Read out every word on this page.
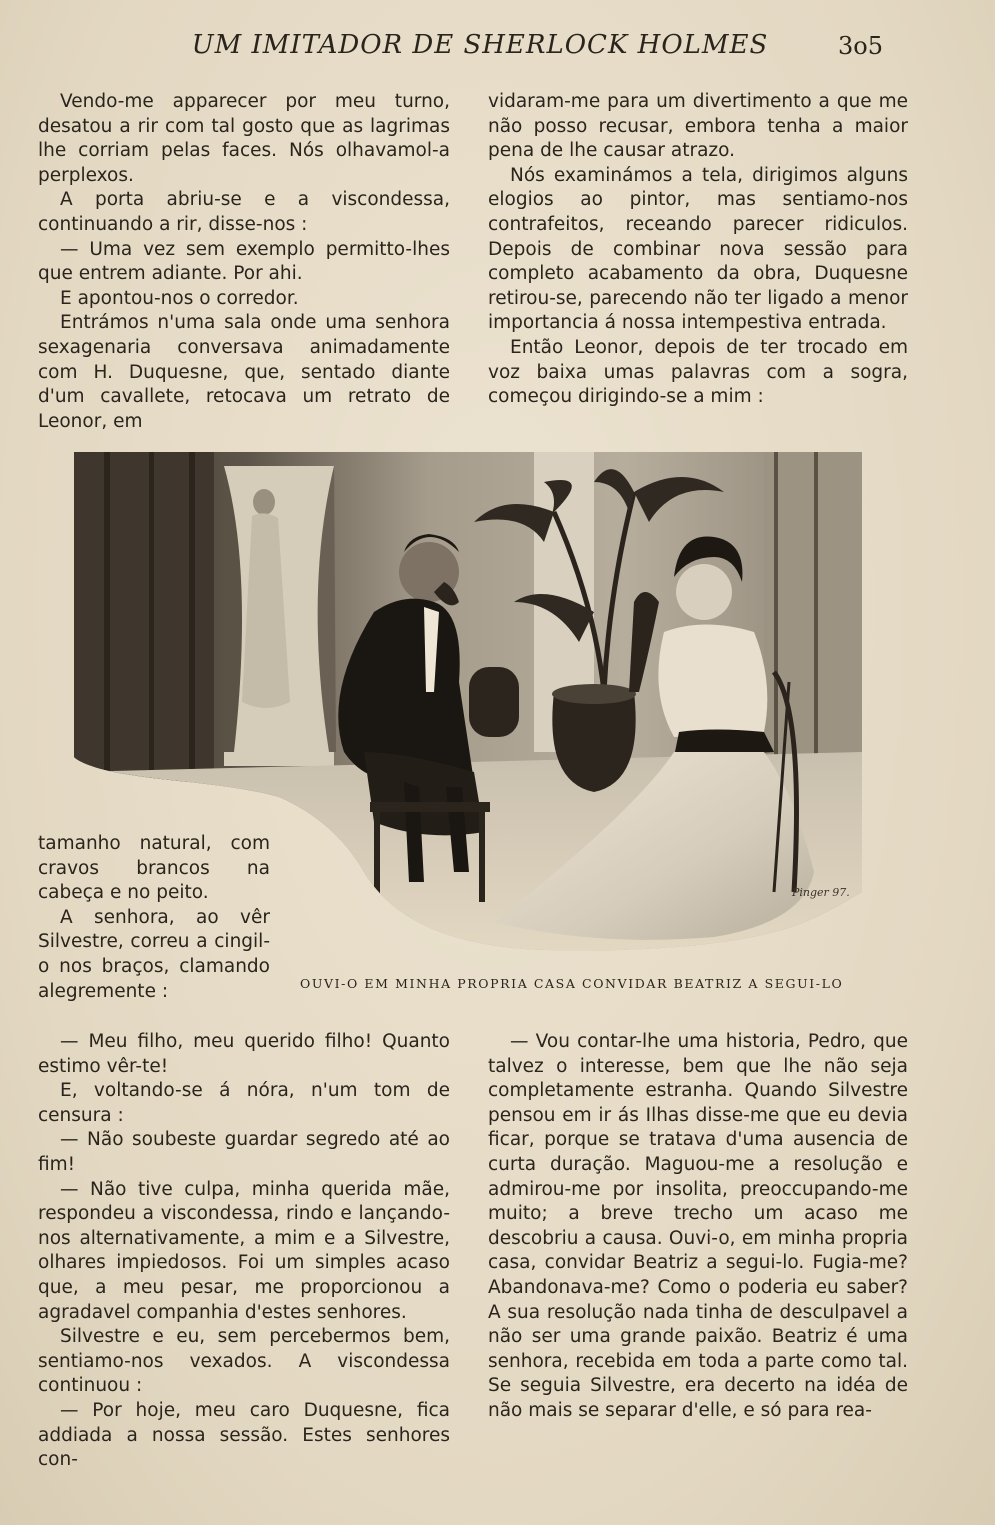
UM IMITADOR DE SHERLOCK HOLMES	3o5

Vendo-me apparecer por meu turno, desatou a rir com tal gosto que as lagrimas lhe corriam pelas faces. Nós olhavamol-a perplexos.

A porta abriu-se e a viscondessa, continuando a rir, disse-nos :

— Uma vez sem exemplo permitto-lhes que entrem adiante. Por ahi.

E apontou-nos o corredor.

Entrámos n'uma sala onde uma senhora sexagenaria conversava animadamente com H. Duquesne, que, sentado diante d'um cavallete, retocava um retrato de Leonor, em

vidaram-me para um divertimento a que me não posso recusar, embora tenha a maior pena de lhe causar atrazo.

Nós examinámos a tela, dirigimos alguns elogios ao pintor, mas sentiamo-nos contrafeitos, receando parecer ridiculos. Depois de combinar nova sessão para completo acabamento da obra, Duquesne retirou-se, parecendo não ter ligado a menor importancia á nossa intempestiva entrada.

Então Leonor, depois de ter trocado em voz baixa umas palavras com a sogra, começou dirigindo-se a mim :

Pinger 97.

tamanho natural, com cravos brancos na cabeça e no peito.

A senhora, ao vêr Silvestre, correu a cingil-o nos braços, clamando alegremente :	OUVI-O EM MINHA PROPRIA CASA CONVIDAR BEATRIZ A SEGUI-LO

— Meu filho, meu querido filho! Quanto estimo vêr-te!

E, voltando-se á nóra, n'um tom de censura :

— Não soubeste guardar segredo até ao fim!

— Não tive culpa, minha querida mãe, respondeu a viscondessa, rindo e lançando-nos alternativamente, a mim e a Silvestre, olhares impiedosos. Foi um simples acaso que, a meu pesar, me proporcionou a agradavel companhia d'estes senhores.

Silvestre e eu, sem percebermos bem, sentiamo-nos vexados. A viscondessa continuou :

— Por hoje, meu caro Duquesne, fica addiada a nossa sessão. Estes senhores con-

— Vou contar-lhe uma historia, Pedro, que talvez o interesse, bem que lhe não seja completamente estranha. Quando Silvestre pensou em ir ás Ilhas disse-me que eu devia ficar, porque se tratava d'uma ausencia de curta duração. Maguou-me a resolução e admirou-me por insolita, preoccupando-me muito; a breve trecho um acaso me descobriu a causa. Ouvi-o, em minha propria casa, convidar Beatriz a segui-lo. Fugia-me? Abandonava-me? Como o poderia eu saber? A sua resolução nada tinha de desculpavel a não ser uma grande paixão. Beatriz é uma senhora, recebida em toda a parte como tal. Se seguia Silvestre, era decerto na idéa de não mais se separar d'elle, e só para rea-
